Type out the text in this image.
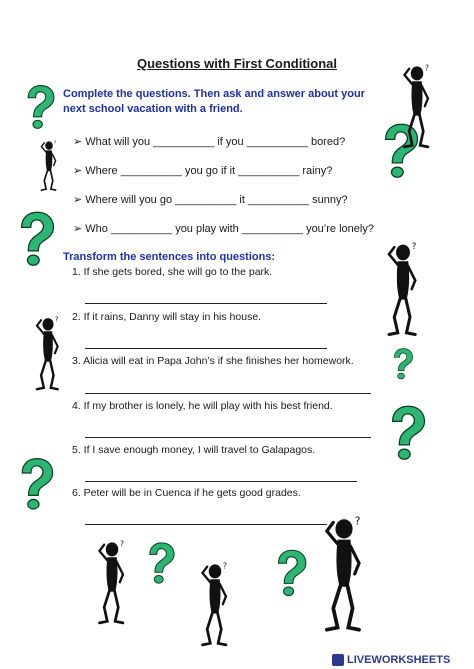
Questions with First Conditional
Complete the questions. Then ask and answer about your next school vacation with a friend.
➢ What will you __________ if you __________ bored?
➢ Where __________ you go if it __________ rainy?
➢ Where will you go __________ it __________ sunny?
➢ Who __________ you play with __________ you’re lonely?
Transform the sentences into questions:
1. If she gets bored, she will go to the park.
2. If it rains, Danny will stay in his house.
3. Alicia will eat in Papa John’s if she finishes her homework.
4. If my brother is lonely, he will play with his best friend.
5. If I save enough money, I will travel to Galapagos.
6. Peter will be in Cuenca if he gets good grades.
LIVEWORKSHEETS
